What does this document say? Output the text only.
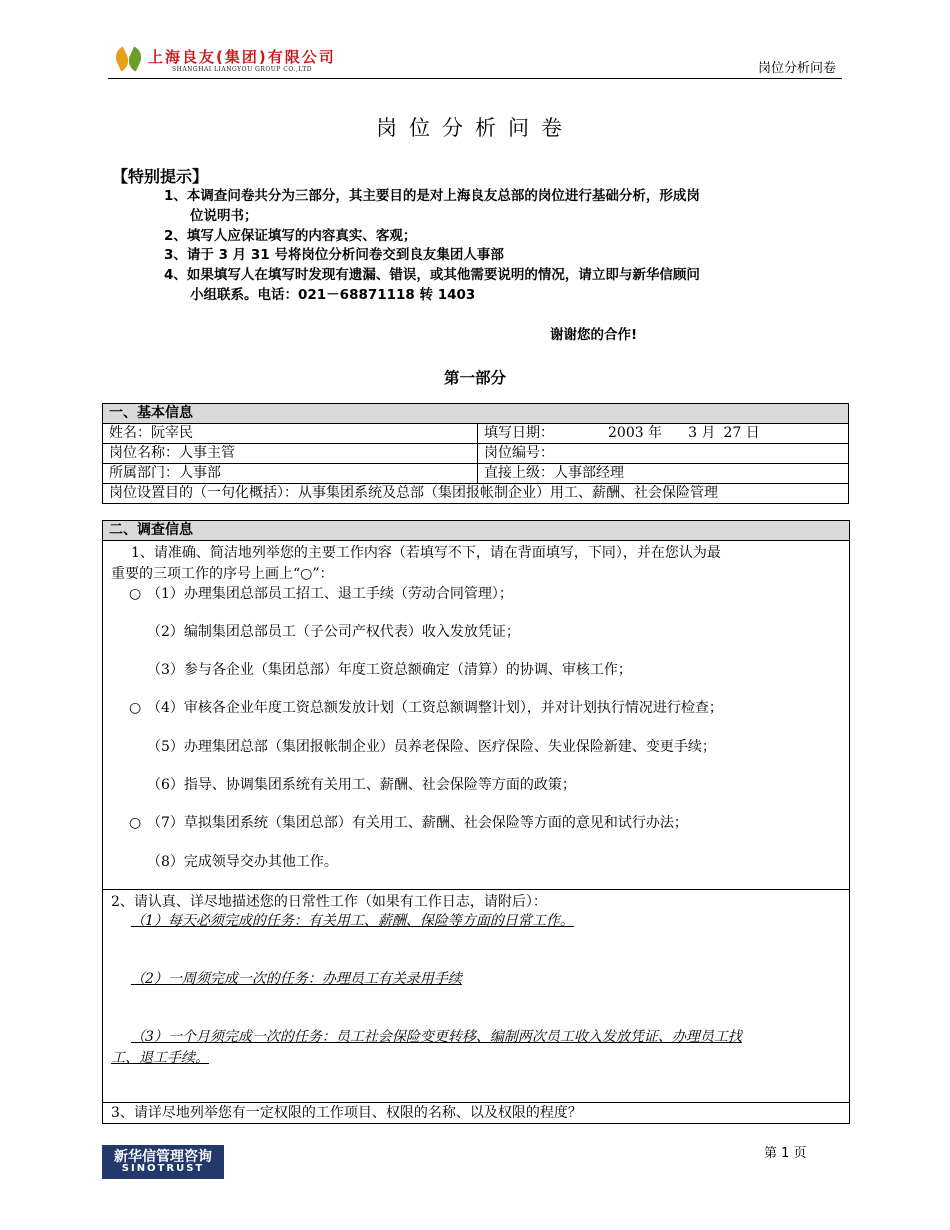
上海良友(集团)有限公司
SHANGHAI LIANGYOU GROUP CO.,LTD	岗位分析问卷
岗位分析问卷
【特别提示】
1、本调查问卷共分为三部分，其主要目的是对上海良友总部的岗位进行基础分析，形成岗
位说明书；
2、填写人应保证填写的内容真实、客观；
3、请于 3 月 31 号将岗位分析问卷交到良友集团人事部
4、如果填写人在填写时发现有遗漏、错误，或其他需要说明的情况，请立即与新华信顾问
小组联系。电话：021－68871118 转 1403
谢谢您的合作!
第一部分
一、基本信息	
姓名：阮宰民	填写日期： 2003 年 3 月 27 日
岗位名称：人事主管	岗位编号：
所属部门：人事部	直接上级：人事部经理
岗位设置目的（一句化概括）：从事集团系统及总部（集团报帐制企业）用工、薪酬、社会保险管理	
二、调查信息
1、请准确、简洁地列举您的主要工作内容（若填写不下，请在背面填写，下同），并在您认为最
重要的三项工作的序号上画上“○”：
○ （1）办理集团总部员工招工、退工手续（劳动合同管理）；
（2）编制集团总部员工（子公司产权代表）收入发放凭证；
（3）参与各企业（集团总部）年度工资总额确定（清算）的协调、审核工作；
○ （4）审核各企业年度工资总额发放计划（工资总额调整计划），并对计划执行情况进行检查；
（5）办理集团总部（集团报帐制企业）员养老保险、医疗保险、失业保险新建、变更手续；
（6）指导、协调集团系统有关用工、薪酬、社会保险等方面的政策；
○ （7）草拟集团系统（集团总部）有关用工、薪酬、社会保险等方面的意见和试行办法；
（8）完成领导交办其他工作。
2、请认真、详尽地描述您的日常性工作（如果有工作日志，请附后）：
（1）每天必须完成的任务：有关用工、薪酬、保险等方面的日常工作。
（2）一周须完成一次的任务：办理员工有关录用手续
（3）一个月须完成一次的任务：员工社会保险变更转移、编制两次员工收入发放凭证、办理员工找
工、退工手续。
3、请详尽地列举您有一定权限的工作项目、权限的名称、以及权限的程度？
新华信管理咨询
SINOTRUST
第 1 页
